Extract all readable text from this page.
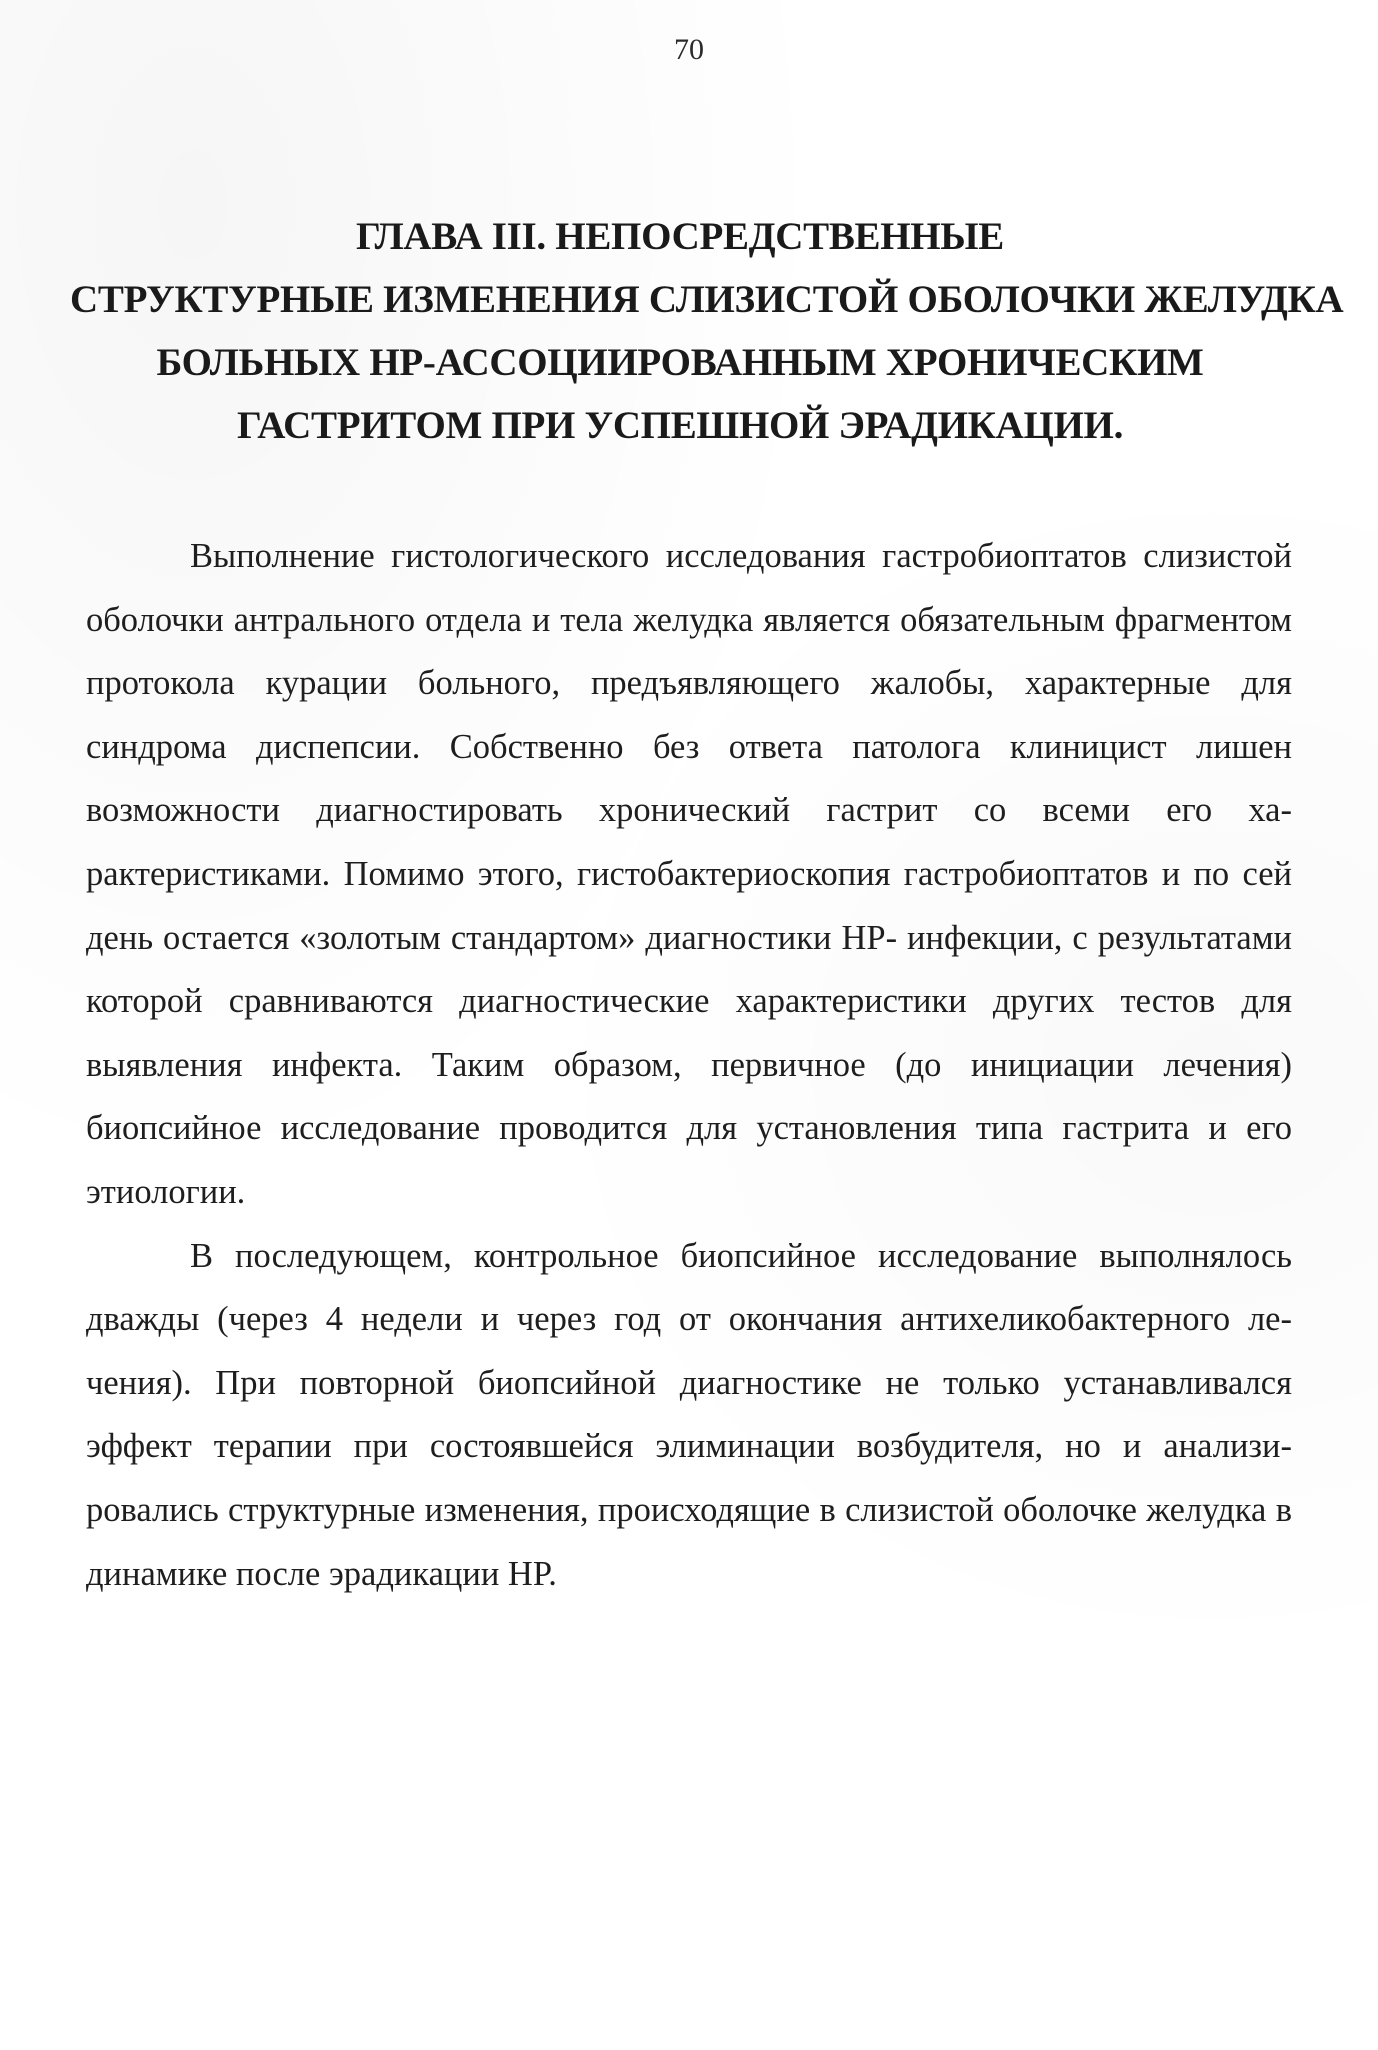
70
ГЛАВА III. НЕПОСРЕДСТВЕННЫЕ
СТРУКТУРНЫЕ ИЗМЕНЕНИЯ СЛИЗИСТОЙ ОБОЛОЧКИ ЖЕЛУДКА
БОЛЬНЫХ HP-АССОЦИИРОВАННЫМ ХРОНИЧЕСКИМ
ГАСТРИТОМ ПРИ УСПЕШНОЙ ЭРАДИКАЦИИ.

Выполнение гистологического исследования гастробиоптатов слизистой оболочки антрального отдела и тела желудка является обязательным фрагментом протокола курации больного, предъявляющего жалобы, характерные для синдрома диспепсии. Собственно без ответа патолога клиницист лишен возможности диагностировать хронический гастрит со всеми его характеристиками. Помимо этого, гистобактериоскопия гастробиоптатов и по сей день остается «золотым стандартом» диагностики HP- инфекции, с результатами которой сравниваются диагностические характеристики других тестов для выявления инфекта. Таким образом, первичное (до инициации лечения) биопсийное исследование проводится для установления типа гастрита и его этиологии.

В последующем, контрольное биопсийное исследование выполнялось дважды (через 4 недели и через год от окончания антихеликобактерного лечения). При повторной биопсийной диагностике не только устанавливался эффект терапии при состоявшейся элиминации возбудителя, но и анализировались структурные изменения, происходящие в слизистой оболочке желудка в динамике после эрадикации HP.
